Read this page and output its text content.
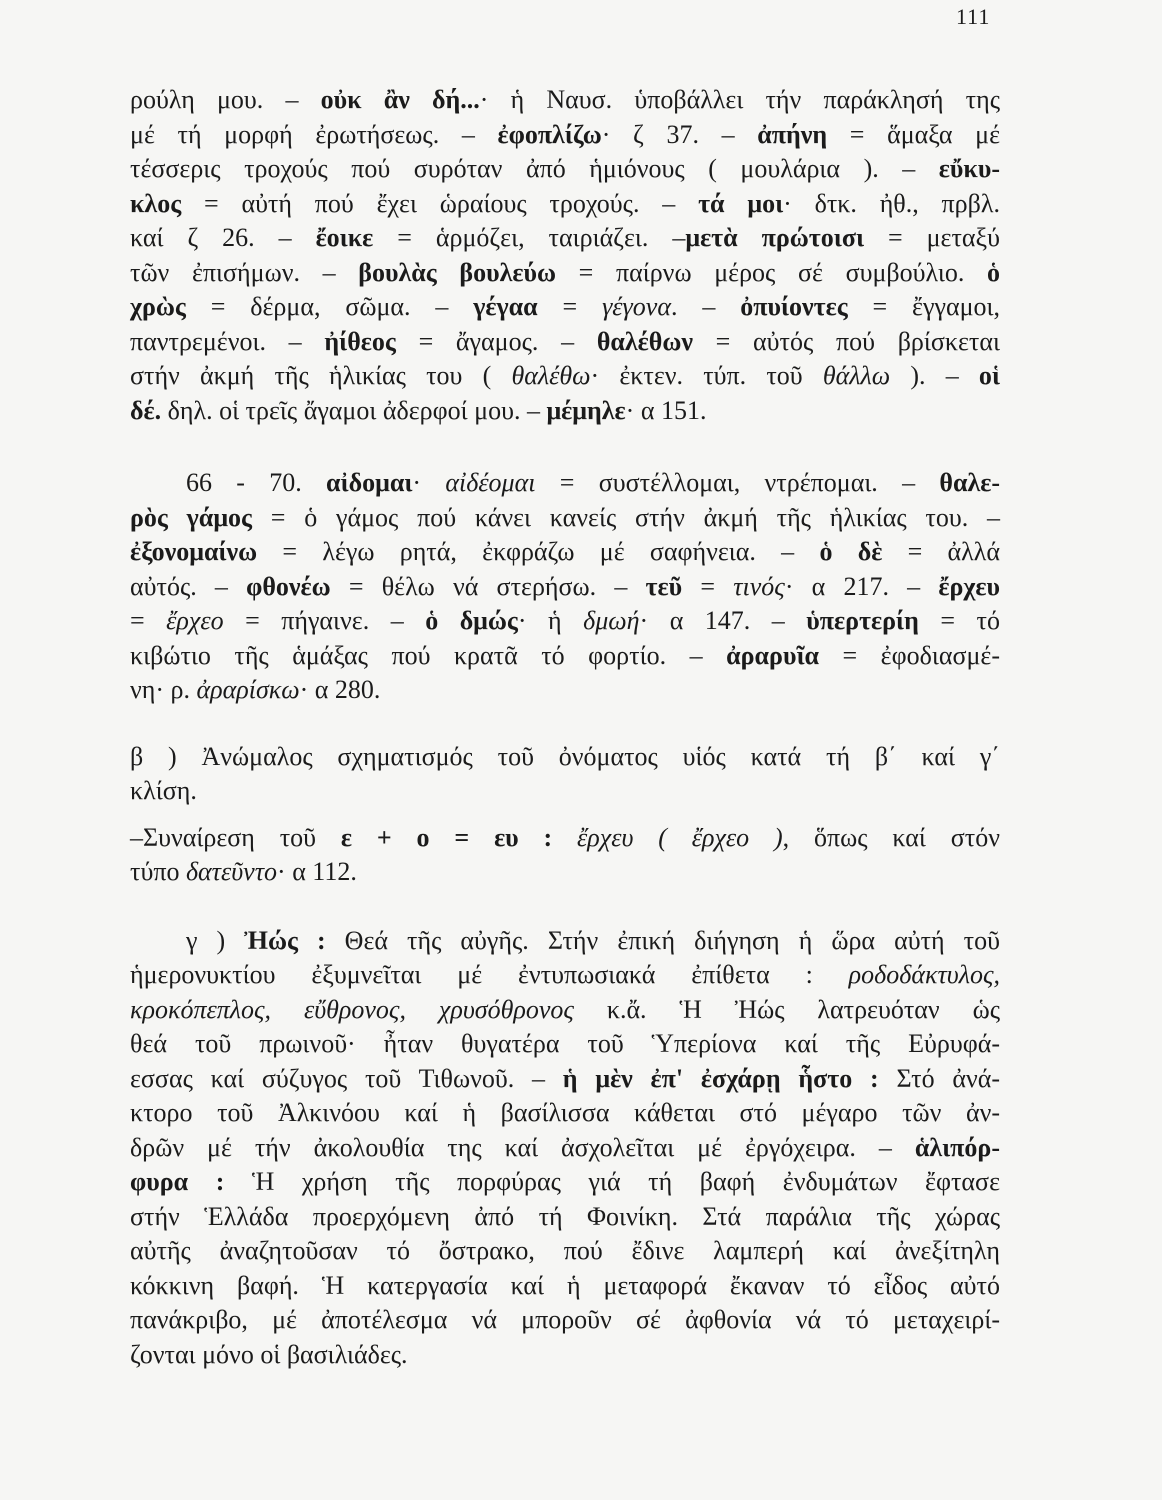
111
ρούλη μου. – οὐκ ἂν δή...· ἡ Ναυσ. ὑποβάλλει τήν παράκλησή της
μέ τή μορφή ἐρωτήσεως. – ἐφοπλίζω· ζ 37. – ἀπήνη = ἅμαξα μέ
τέσσερις τροχούς πού συρόταν ἀπό ἡμιόνους ( μουλάρια ). – εὔκυ-
κλος = αὐτή πού ἔχει ὡραίους τροχούς. – τά μοι· δτκ. ἠθ., πρβλ.
καί ζ 26. – ἔοικε = ἁρμόζει, ταιριάζει. –μετὰ πρώτοισι = μεταξύ
τῶν ἐπισήμων. – βουλὰς βουλεύω = παίρνω μέρος σέ συμβούλιο. ὁ
χρὼς = δέρμα, σῶμα. – γέγαα = γέγονα. – ὀπυίοντες = ἔγγαμοι,
παντρεμένοι. – ἠίθεος = ἄγαμος. – θαλέθων = αὐτός πού βρίσκεται
στήν ἀκμή τῆς ἡλικίας του ( θαλέθω· ἐκτεν. τύπ. τοῦ θάλλω ). – οἱ
δέ. δηλ. οἱ τρεῖς ἄγαμοι ἀδερφοί μου. – μέμηλε· α 151.
66 - 70. αἰδομαι· αἰδέομαι = συστέλλομαι, ντρέπομαι. – θαλε-
ρὸς γάμος = ὁ γάμος πού κάνει κανείς στήν ἀκμή τῆς ἡλικίας του. –
ἐξονομαίνω = λέγω ρητά, ἐκφράζω μέ σαφήνεια. – ὁ δὲ = ἀλλά
αὐτός. – φθονέω = θέλω νά στερήσω. – τεῦ = τινός· α 217. – ἔρχευ
= ἔρχεο = πήγαινε. – ὁ δμώς· ἡ δμωή· α 147. – ὑπερτερίη = τό
κιβώτιο τῆς ἁμάξας πού κρατᾶ τό φορτίο. – ἀραρυῖα = ἐφοδιασμέ-
νη· ρ. ἀραρίσκω· α 280.
β ) Ἀνώμαλος σχηματισμός τοῦ ὀνόματος υἱός κατά τή β΄ καί γ΄
κλίση.
–Συναίρεση τοῦ ε + ο = ευ : ἔρχευ ( ἔρχεο ), ὅπως καί στόν
τύπο δατεῦντο· α 112.
γ ) Ἠώς : Θεά τῆς αὐγῆς. Στήν ἐπική διήγηση ἡ ὥρα αὐτή τοῦ
ἡμερονυκτίου ἐξυμνεῖται μέ ἐντυπωσιακά ἐπίθετα : ροδοδάκτυλος,
κροκόπεπλος, εὔθρονος, χρυσόθρονος κ.ἄ. Ἡ Ἠώς λατρευόταν ὡς
θεά τοῦ πρωινοῦ· ἦταν θυγατέρα τοῦ Ὑπερίονα καί τῆς Εὐρυφά-
εσσας καί σύζυγος τοῦ Τιθωνοῦ. – ἡ μὲν ἐπ' ἐσχάρῃ ἧστο : Στό ἀνά-
κτορο τοῦ Ἀλκινόου καί ἡ βασίλισσα κάθεται στό μέγαρο τῶν ἀν-
δρῶν μέ τήν ἀκολουθία της καί ἀσχολεῖται μέ ἐργόχειρα. – ἁλιπόρ-
φυρα : Ἡ χρήση τῆς πορφύρας γιά τή βαφή ἐνδυμάτων ἔφτασε
στήν Ἑλλάδα προερχόμενη ἀπό τή Φοινίκη. Στά παράλια τῆς χώρας
αὐτῆς ἀναζητοῦσαν τό ὄστρακο, πού ἔδινε λαμπερή καί ἀνεξίτηλη
κόκκινη βαφή. Ἡ κατεργασία καί ἡ μεταφορά ἔκαναν τό εἶδος αὐτό
πανάκριβο, μέ ἀποτέλεσμα νά μποροῦν σέ ἀφθονία νά τό μεταχειρί-
ζονται μόνο οἱ βασιλιάδες.
